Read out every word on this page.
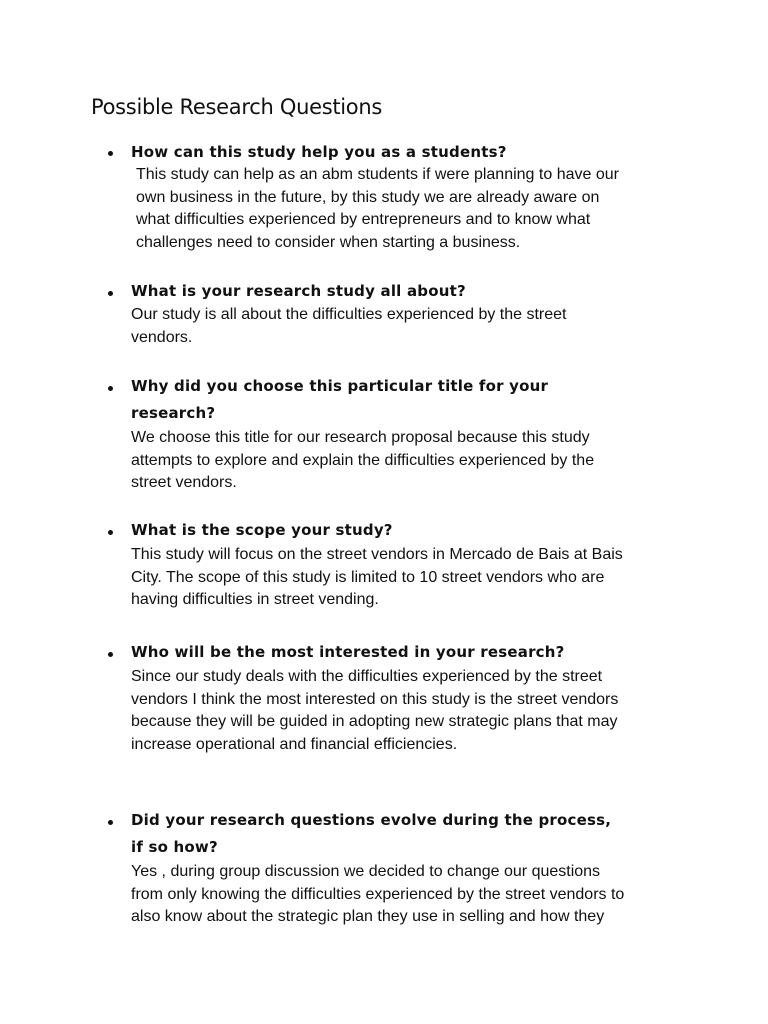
Possible Research Questions

How can this study help you as a students?

This study can help as an abm students if were planning to have our
own business in the future, by this study we are already aware on
what difficulties experienced by entrepreneurs and to know what
challenges need to consider when starting a business.

What is your research study all about?

Our study is all about the difficulties experienced by the street
vendors.

Why did you choose this particular title for your
research?

We choose this title for our research proposal because this study
attempts to explore and explain the difficulties experienced by the
street vendors.

What is the scope your study?

This study will focus on the street vendors in Mercado de Bais at Bais
City. The scope of this study is limited to 10 street vendors who are
having difficulties in street vending.

Who will be the most interested in your research?

Since our study deals with the difficulties experienced by the street
vendors I think the most interested on this study is the street vendors
because they will be guided in adopting new strategic plans that may
increase operational and financial efficiencies.

Did your research questions evolve during the process,
if so how?

Yes , during group discussion we decided to change our questions
from only knowing the difficulties experienced by the street vendors to
also know about the strategic plan they use in selling and how they
